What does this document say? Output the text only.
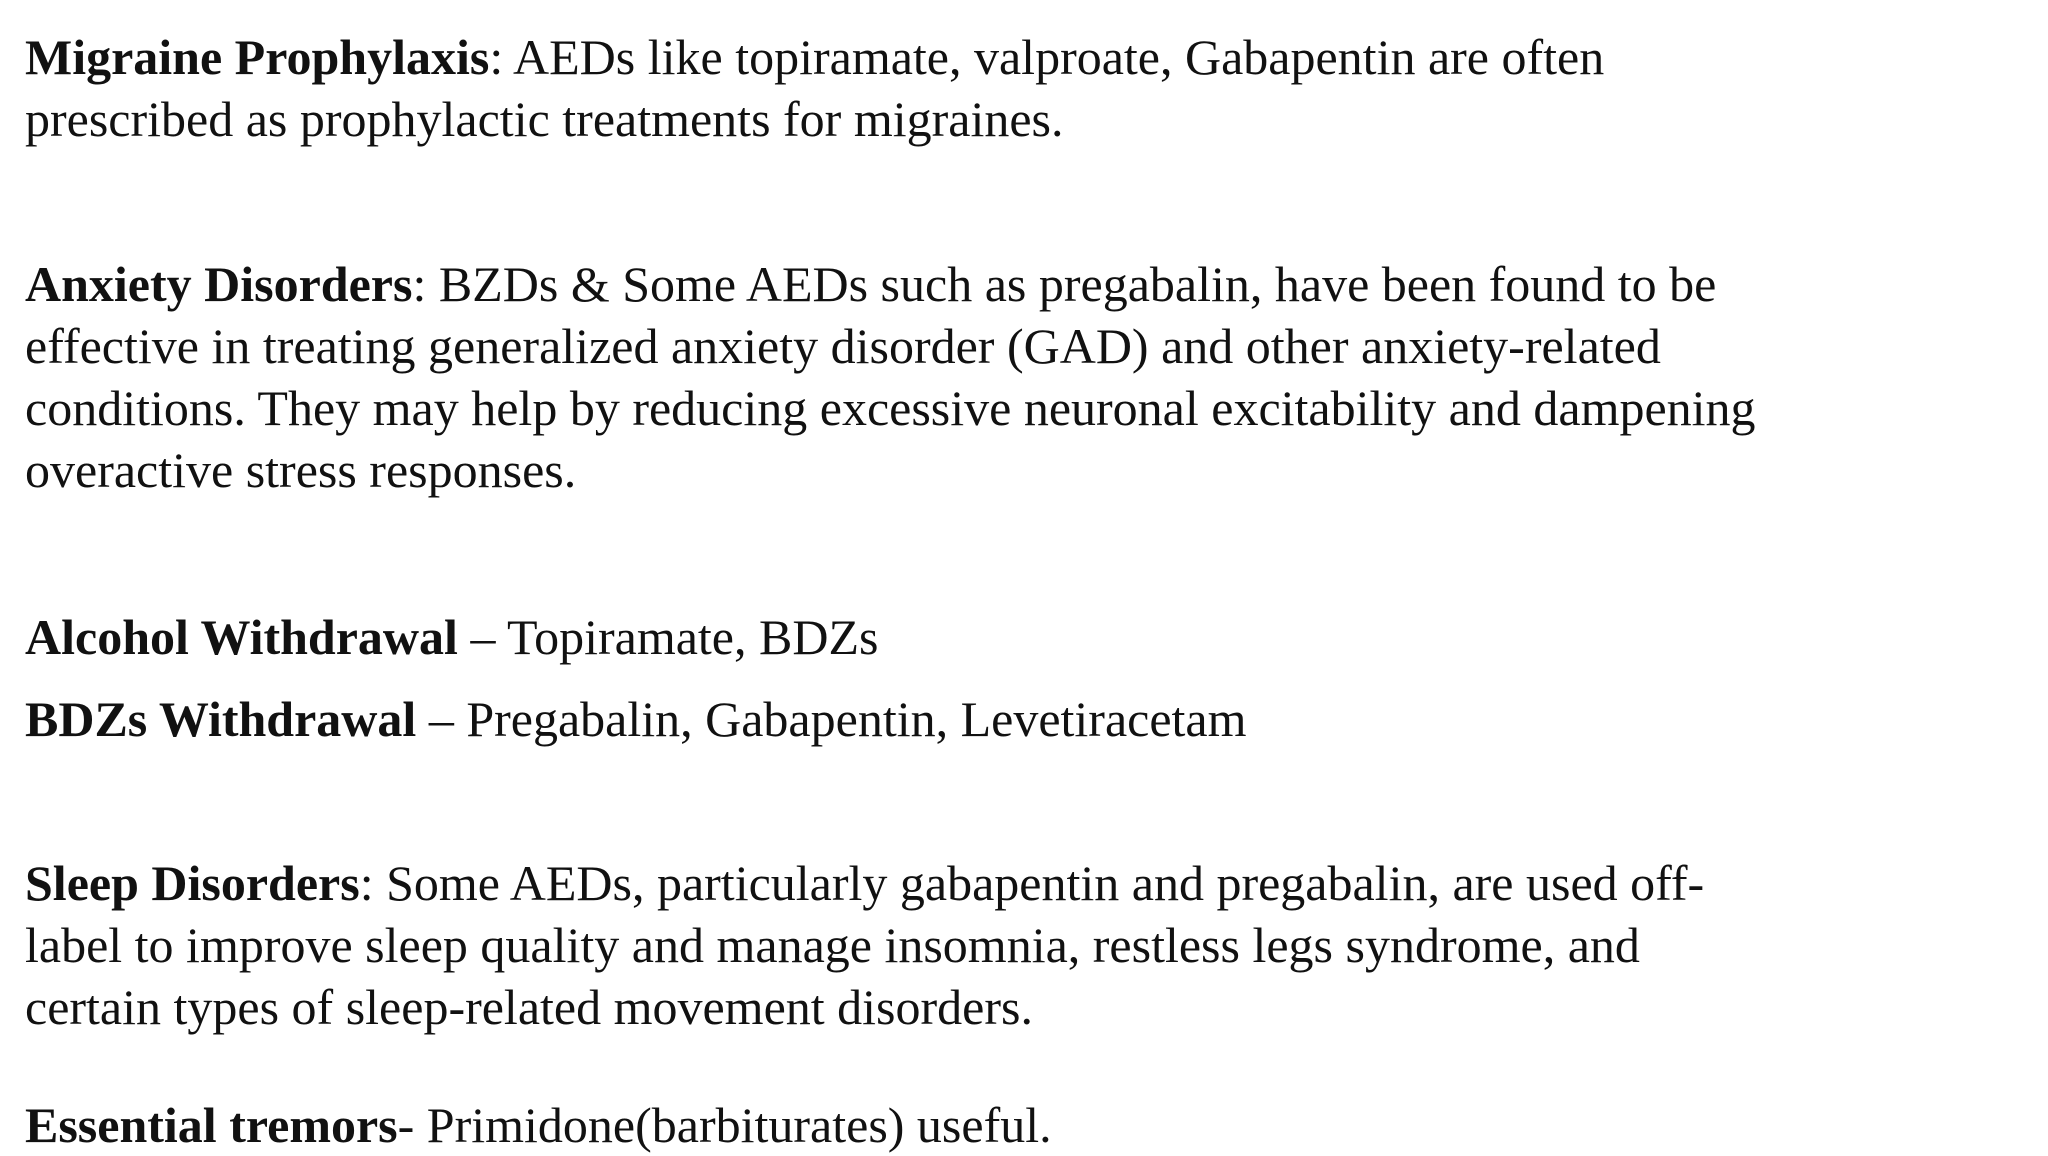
Migraine Prophylaxis: AEDs like topiramate, valproate, Gabapentin are often
prescribed as prophylactic treatments for migraines.

Anxiety Disorders: BZDs & Some AEDs such as pregabalin, have been found to be
effective in treating generalized anxiety disorder (GAD) and other anxiety-related
conditions. They may help by reducing excessive neuronal excitability and dampening
overactive stress responses.

Alcohol Withdrawal – Topiramate, BDZs

BDZs Withdrawal – Pregabalin, Gabapentin, Levetiracetam

Sleep Disorders: Some AEDs, particularly gabapentin and pregabalin, are used off-
label to improve sleep quality and manage insomnia, restless legs syndrome, and
certain types of sleep-related movement disorders.

Essential tremors- Primidone(barbiturates) useful.
